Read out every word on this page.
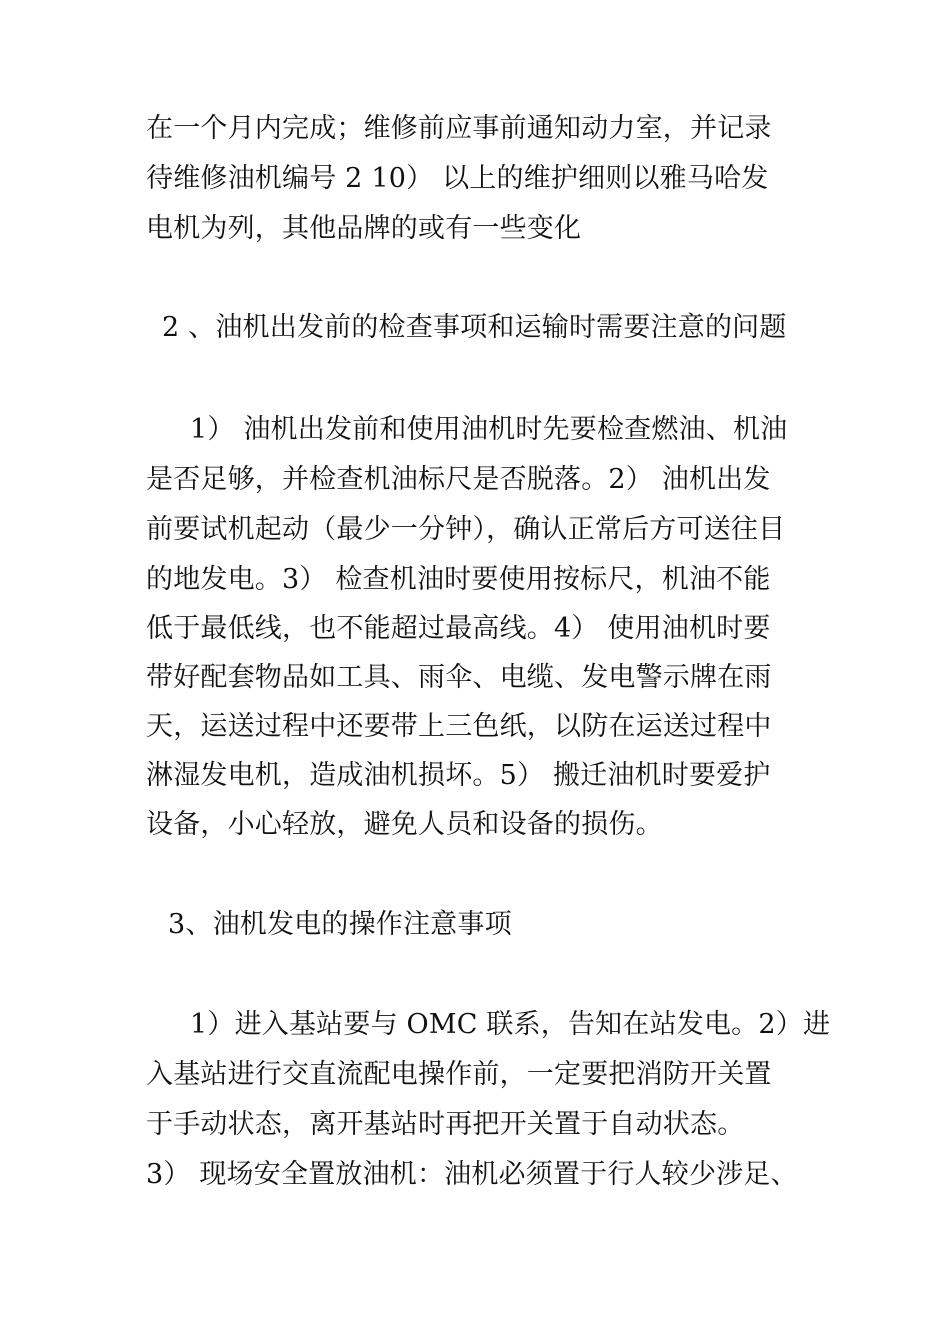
在一个月内完成；维修前应事前通知动力室，并记录
待维修油机编号 2 10） 以上的维护细则以雅马哈发
电机为列，其他品牌的或有一些变化
2 、油机出发前的检查事项和运输时需要注意的问题
1） 油机出发前和使用油机时先要检查燃油、机油
是否足够，并检查机油标尺是否脱落。2） 油机出发
前要试机起动（最少一分钟），确认正常后方可送往目
的地发电。3） 检查机油时要使用按标尺，机油不能
低于最低线，也不能超过最高线。4） 使用油机时要
带好配套物品如工具、雨伞、电缆、发电警示牌在雨
天，运送过程中还要带上三色纸，以防在运送过程中
淋湿发电机，造成油机损坏。5） 搬迁油机时要爱护
设备，小心轻放，避免人员和设备的损伤。
3、油机发电的操作注意事项
1）进入基站要与 OMC 联系，告知在站发电。2）进
入基站进行交直流配电操作前，一定要把消防开关置
于手动状态，离开基站时再把开关置于自动状态。
3） 现场安全置放油机：油机必须置于行人较少涉足、
